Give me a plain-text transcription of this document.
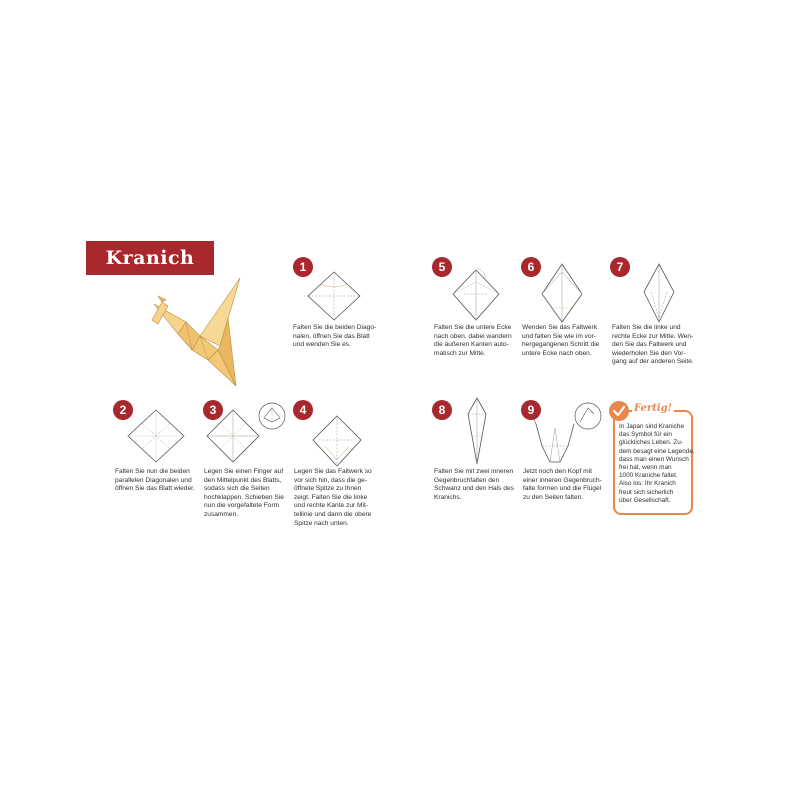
Kranich	1
Falten Sie die beiden Diago-
nalen, öffnen Sie das Blatt
und wenden Sie es.
2
Falten Sie nun die beiden
parallelen Diagonalen und
öffnen Sie das Blatt wieder.
3
Legen Sie einen Finger auf
den Mittelpunkt des Blatts,
sodass sich die Seiten
hochklappen. Schieben Sie
nun die vorgefaltete Form
zusammen.
4
Legen Sie das Faltwerk so
vor sich hin, dass die ge-
öffnete Spitze zu Ihnen
zeigt. Falten Sie die linke
und rechte Kante zur Mit-
tellinie und dann die obere
Spitze nach unten.
5
Falten Sie die untere Ecke
nach oben, dabei wandern
die äußeren Kanten auto-
matisch zur Mitte.
6
Wenden Sie das Faltwerk
und falten Sie wie im vor-
hergegangenen Schritt die
untere Ecke nach oben.
7
Falten Sie die linke und
rechte Ecke zur Mitte. Wen-
den Sie das Faltwerk und
wiederholen Sie den Vor-
gang auf der anderen Seite.
8
Falten Sie mit zwei inneren
Gegenbruchfalten den
Schwanz und den Hals des
Kranichs.
9
Jetzt noch den Kopf mit
einer inneren Gegenbruch-
falte formen und die Flügel
zu den Seiten falten.
Fertig!
In Japan sind Kraniche
das Symbol für ein
glückliches Leben. Zu-
dem besagt eine Legende,
dass man einen Wunsch
frei hat, wenn man
1000 Kraniche faltet.
Also los: Ihr Kranich
freut sich sicherlich
über Gesellschaft.
